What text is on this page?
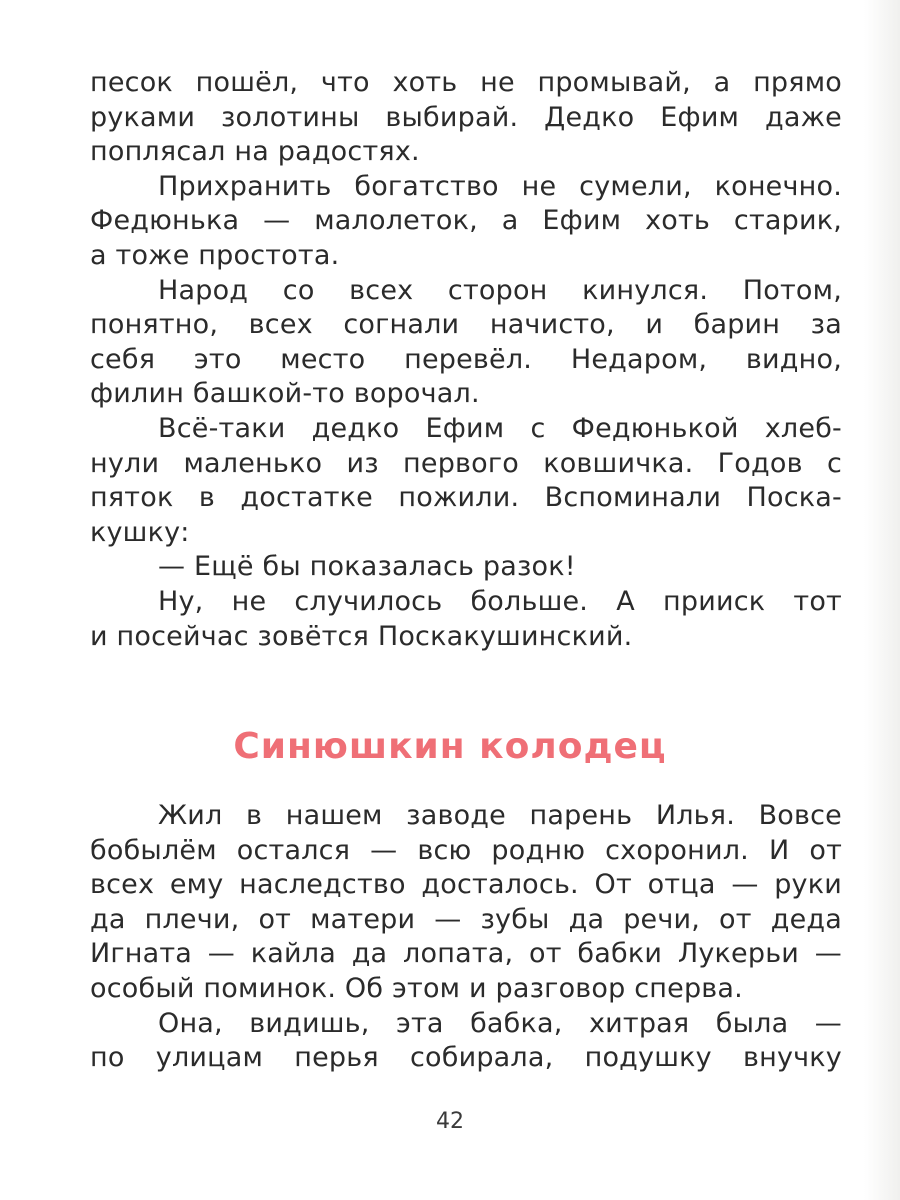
песок пошёл, что хоть не промывай, а прямо
руками золотины выбирай. Дедко Ефим даже
поплясал на радостях.
Прихранить богатство не сумели, конечно.
Федюнька — малолеток, а Ефим хоть старик,
а тоже простота.
Народ со всех сторон кинулся. Потом,
понятно, всех согнали начисто, и барин за
себя это место перевёл. Недаром, видно,
филин башкой-то ворочал.
Всё-таки дедко Ефим с Федюнькой хлеб-
нули маленько из первого ковшичка. Годов с
пяток в достатке пожили. Вспоминали Поска-
кушку:
— Ещё бы показалась разок!
Ну, не случилось больше. А прииск тот
и посейчас зовётся Поскакушинский.
Синюшкин колодец
Жил в нашем заводе парень Илья. Вовсе
бобылём остался — всю родню схоронил. И от
всех ему наследство досталось. От отца — руки
да плечи, от матери — зубы да речи, от деда
Игната — кайла да лопата, от бабки Лукерьи —
особый поминок. Об этом и разговор сперва.
Она, видишь, эта бабка, хитрая была —
по улицам перья собирала, подушку внучку
42
